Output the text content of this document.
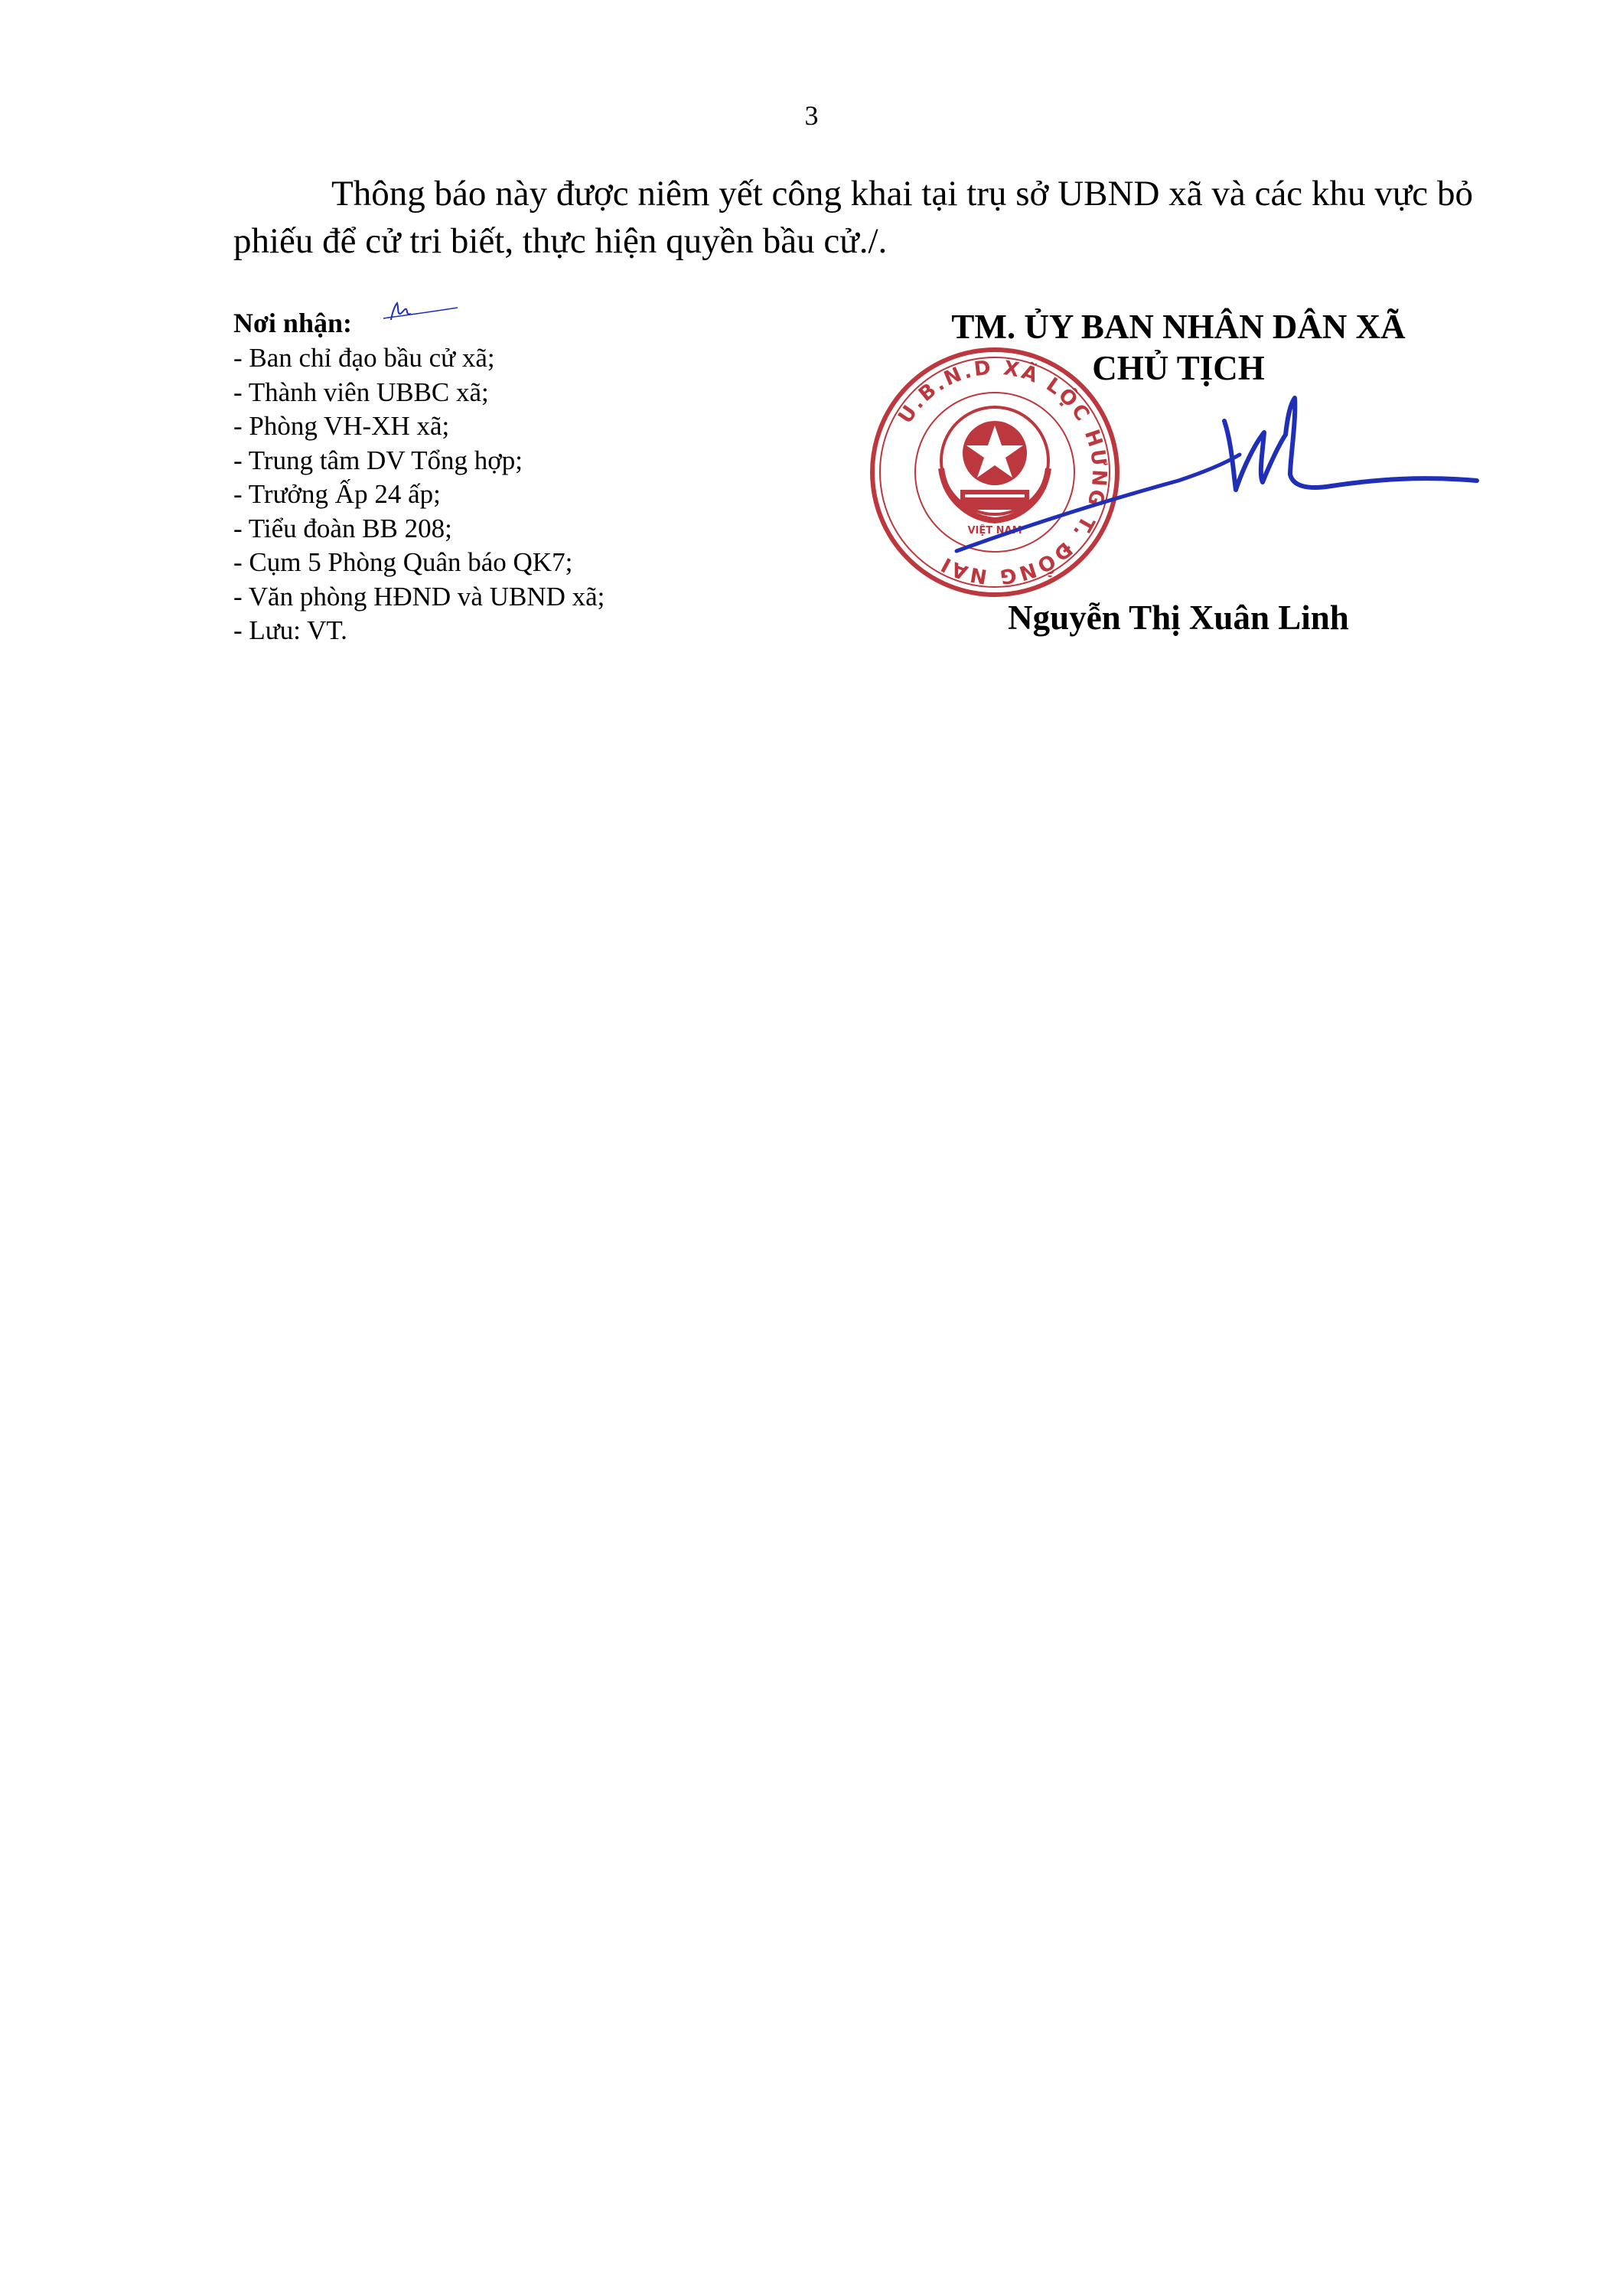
3

Thông báo này được niêm yết công khai tại trụ sở UBND xã và các khu vực bỏ phiếu để cử tri biết, thực hiện quyền bầu cử./.

Nơi nhận:
- Ban chỉ đạo bầu cử xã;
- Thành viên UBBC xã;
- Phòng VH-XH xã;
- Trung tâm DV Tổng hợp;
- Trưởng Ấp 24 ấp;
- Tiểu đoàn BB 208;
- Cụm 5 Phòng Quân báo QK7;
- Văn phòng HĐND và UBND xã;
- Lưu: VT.
TM. ỦY BAN NHÂN DÂN XÃ
CHỦ TỊCH
U.B.N.D XÃ LỘC HƯNG T. ĐỒNG NAI
VIỆT NAM
Nguyễn Thị Xuân Linh
